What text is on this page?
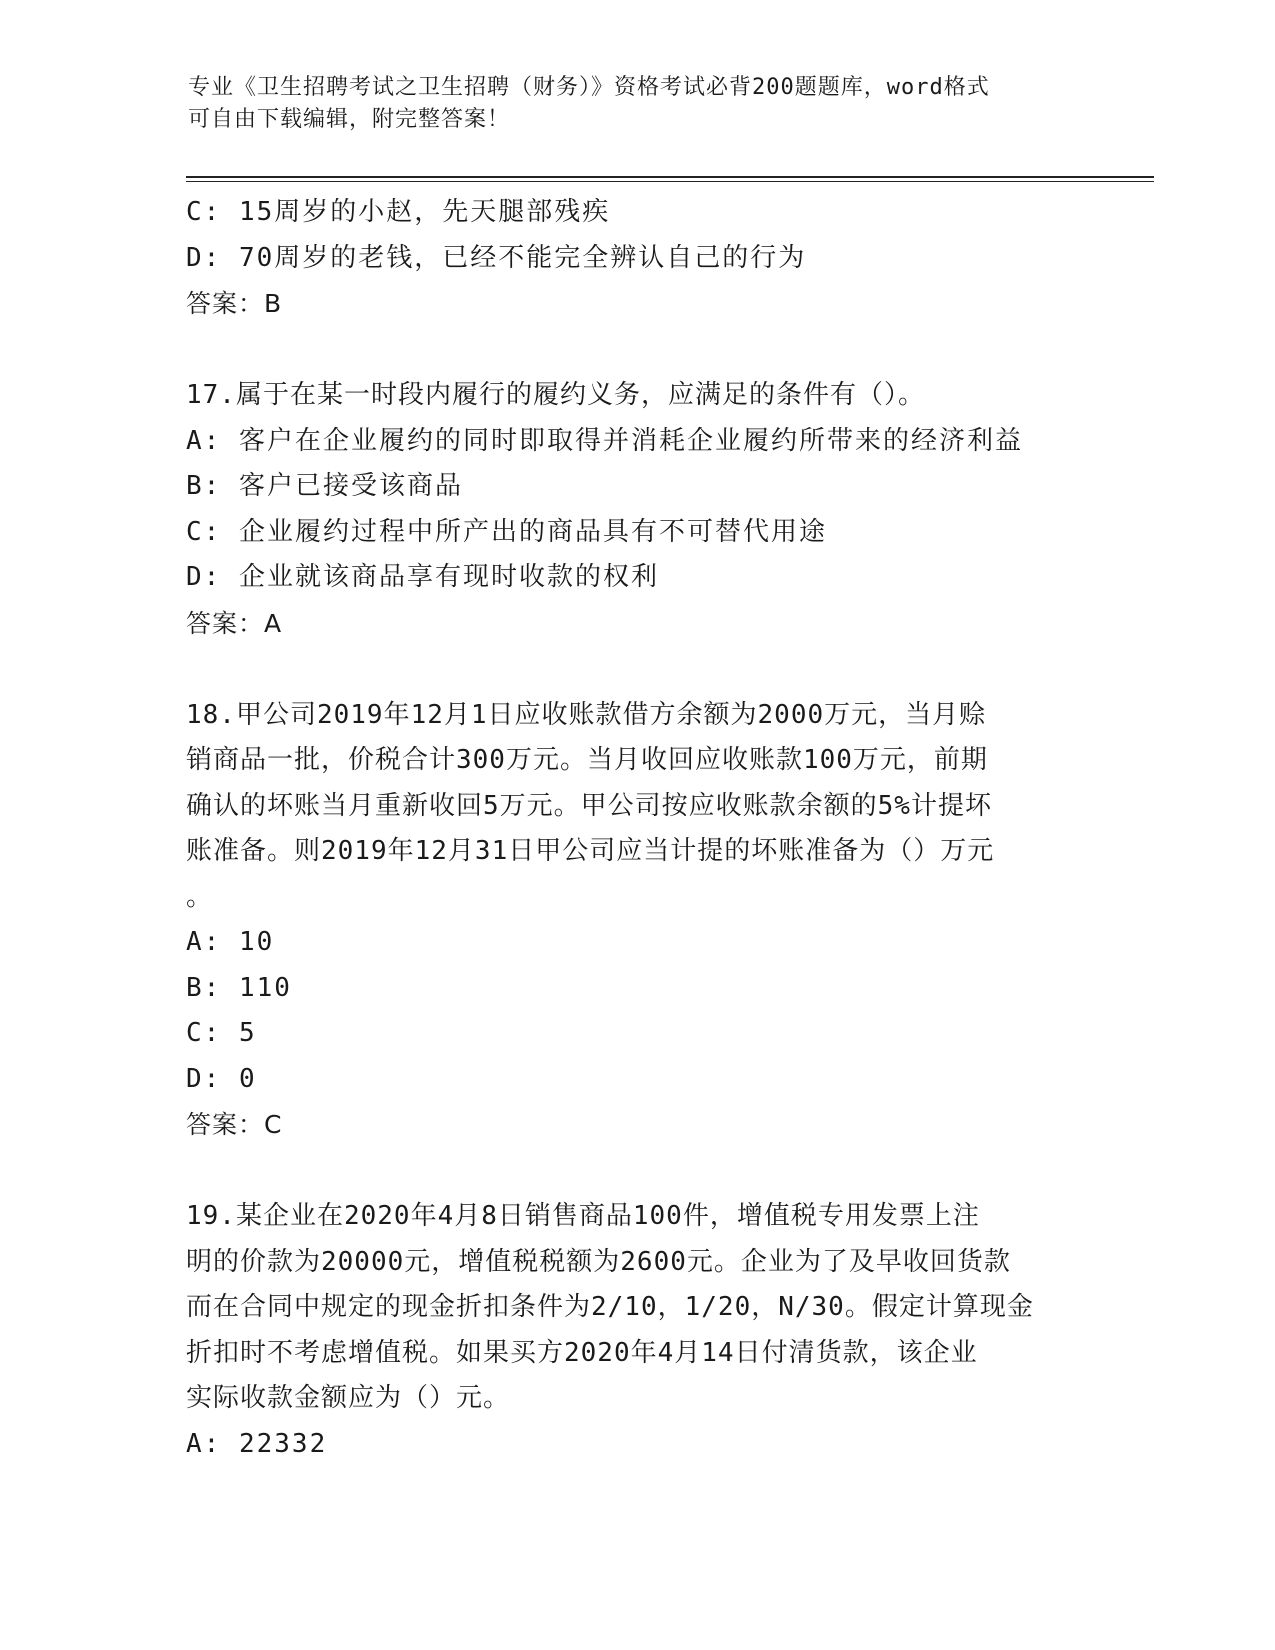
专业《卫生招聘考试之卫生招聘（财务）》资格考试必背200题题库，word格式
可自由下载编辑，附完整答案！
C: 15周岁的小赵，先天腿部残疾
D: 70周岁的老钱，已经不能完全辨认自己的行为
答案：B
17.属于在某一时段内履行的履约义务，应满足的条件有（）。
A: 客户在企业履约的同时即取得并消耗企业履约所带来的经济利益
B: 客户已接受该商品
C: 企业履约过程中所产出的商品具有不可替代用途
D: 企业就该商品享有现时收款的权利
答案：A
18.甲公司2019年12月1日应收账款借方余额为2000万元，当月赊
销商品一批，价税合计300万元。当月收回应收账款100万元，前期
确认的坏账当月重新收回5万元。甲公司按应收账款余额的5%计提坏
账准备。则2019年12月31日甲公司应当计提的坏账准备为（）万元
。
A: 10
B: 110
C: 5
D: 0
答案：C
19.某企业在2020年4月8日销售商品100件，增值税专用发票上注
明的价款为20000元，增值税税额为2600元。企业为了及早收回货款
而在合同中规定的现金折扣条件为2/10，1/20，N/30。假定计算现金
折扣时不考虑增值税。如果买方2020年4月14日付清货款，该企业
实际收款金额应为（）元。
A: 22332
